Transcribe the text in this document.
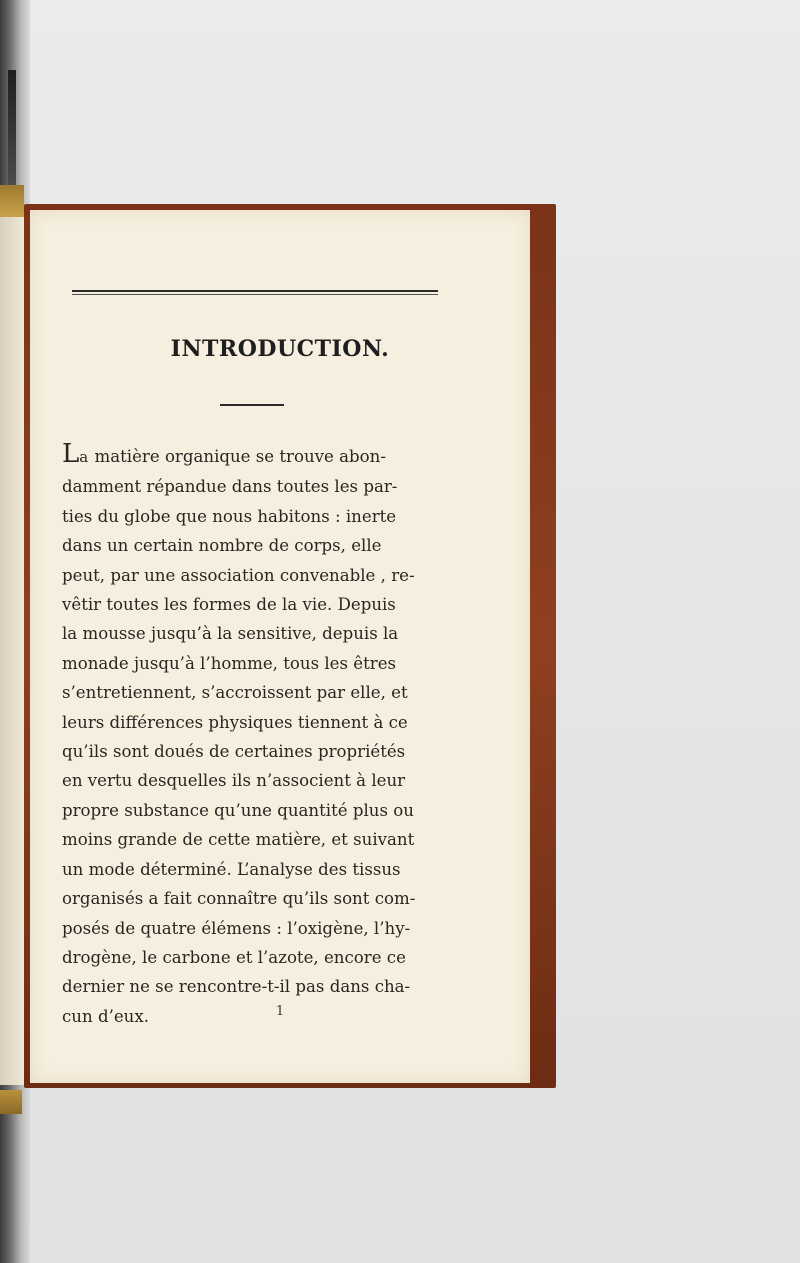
INTRODUCTION.
La matière organique se trouve abon-
damment répandue dans toutes les par-
ties du globe que nous habitons : inerte
dans un certain nombre de corps, elle
peut, par une association convenable , re-
vêtir toutes les formes de la vie. Depuis
la mousse jusqu’à la sensitive, depuis la
monade jusqu’à l’homme, tous les êtres
s’entretiennent, s’accroissent par elle, et
leurs différences physiques tiennent à ce
qu’ils sont doués de certaines propriétés
en vertu desquelles ils n’associent à leur
propre substance qu’une quantité plus ou
moins grande de cette matière, et suivant
un mode déterminé. L’analyse des tissus
organisés a fait connaître qu’ils sont com-
posés de quatre élémens : l’oxigène, l’hy-
drogène, le carbone et l’azote, encore ce
dernier ne se rencontre-t-il pas dans cha-
cun d’eux.	1
